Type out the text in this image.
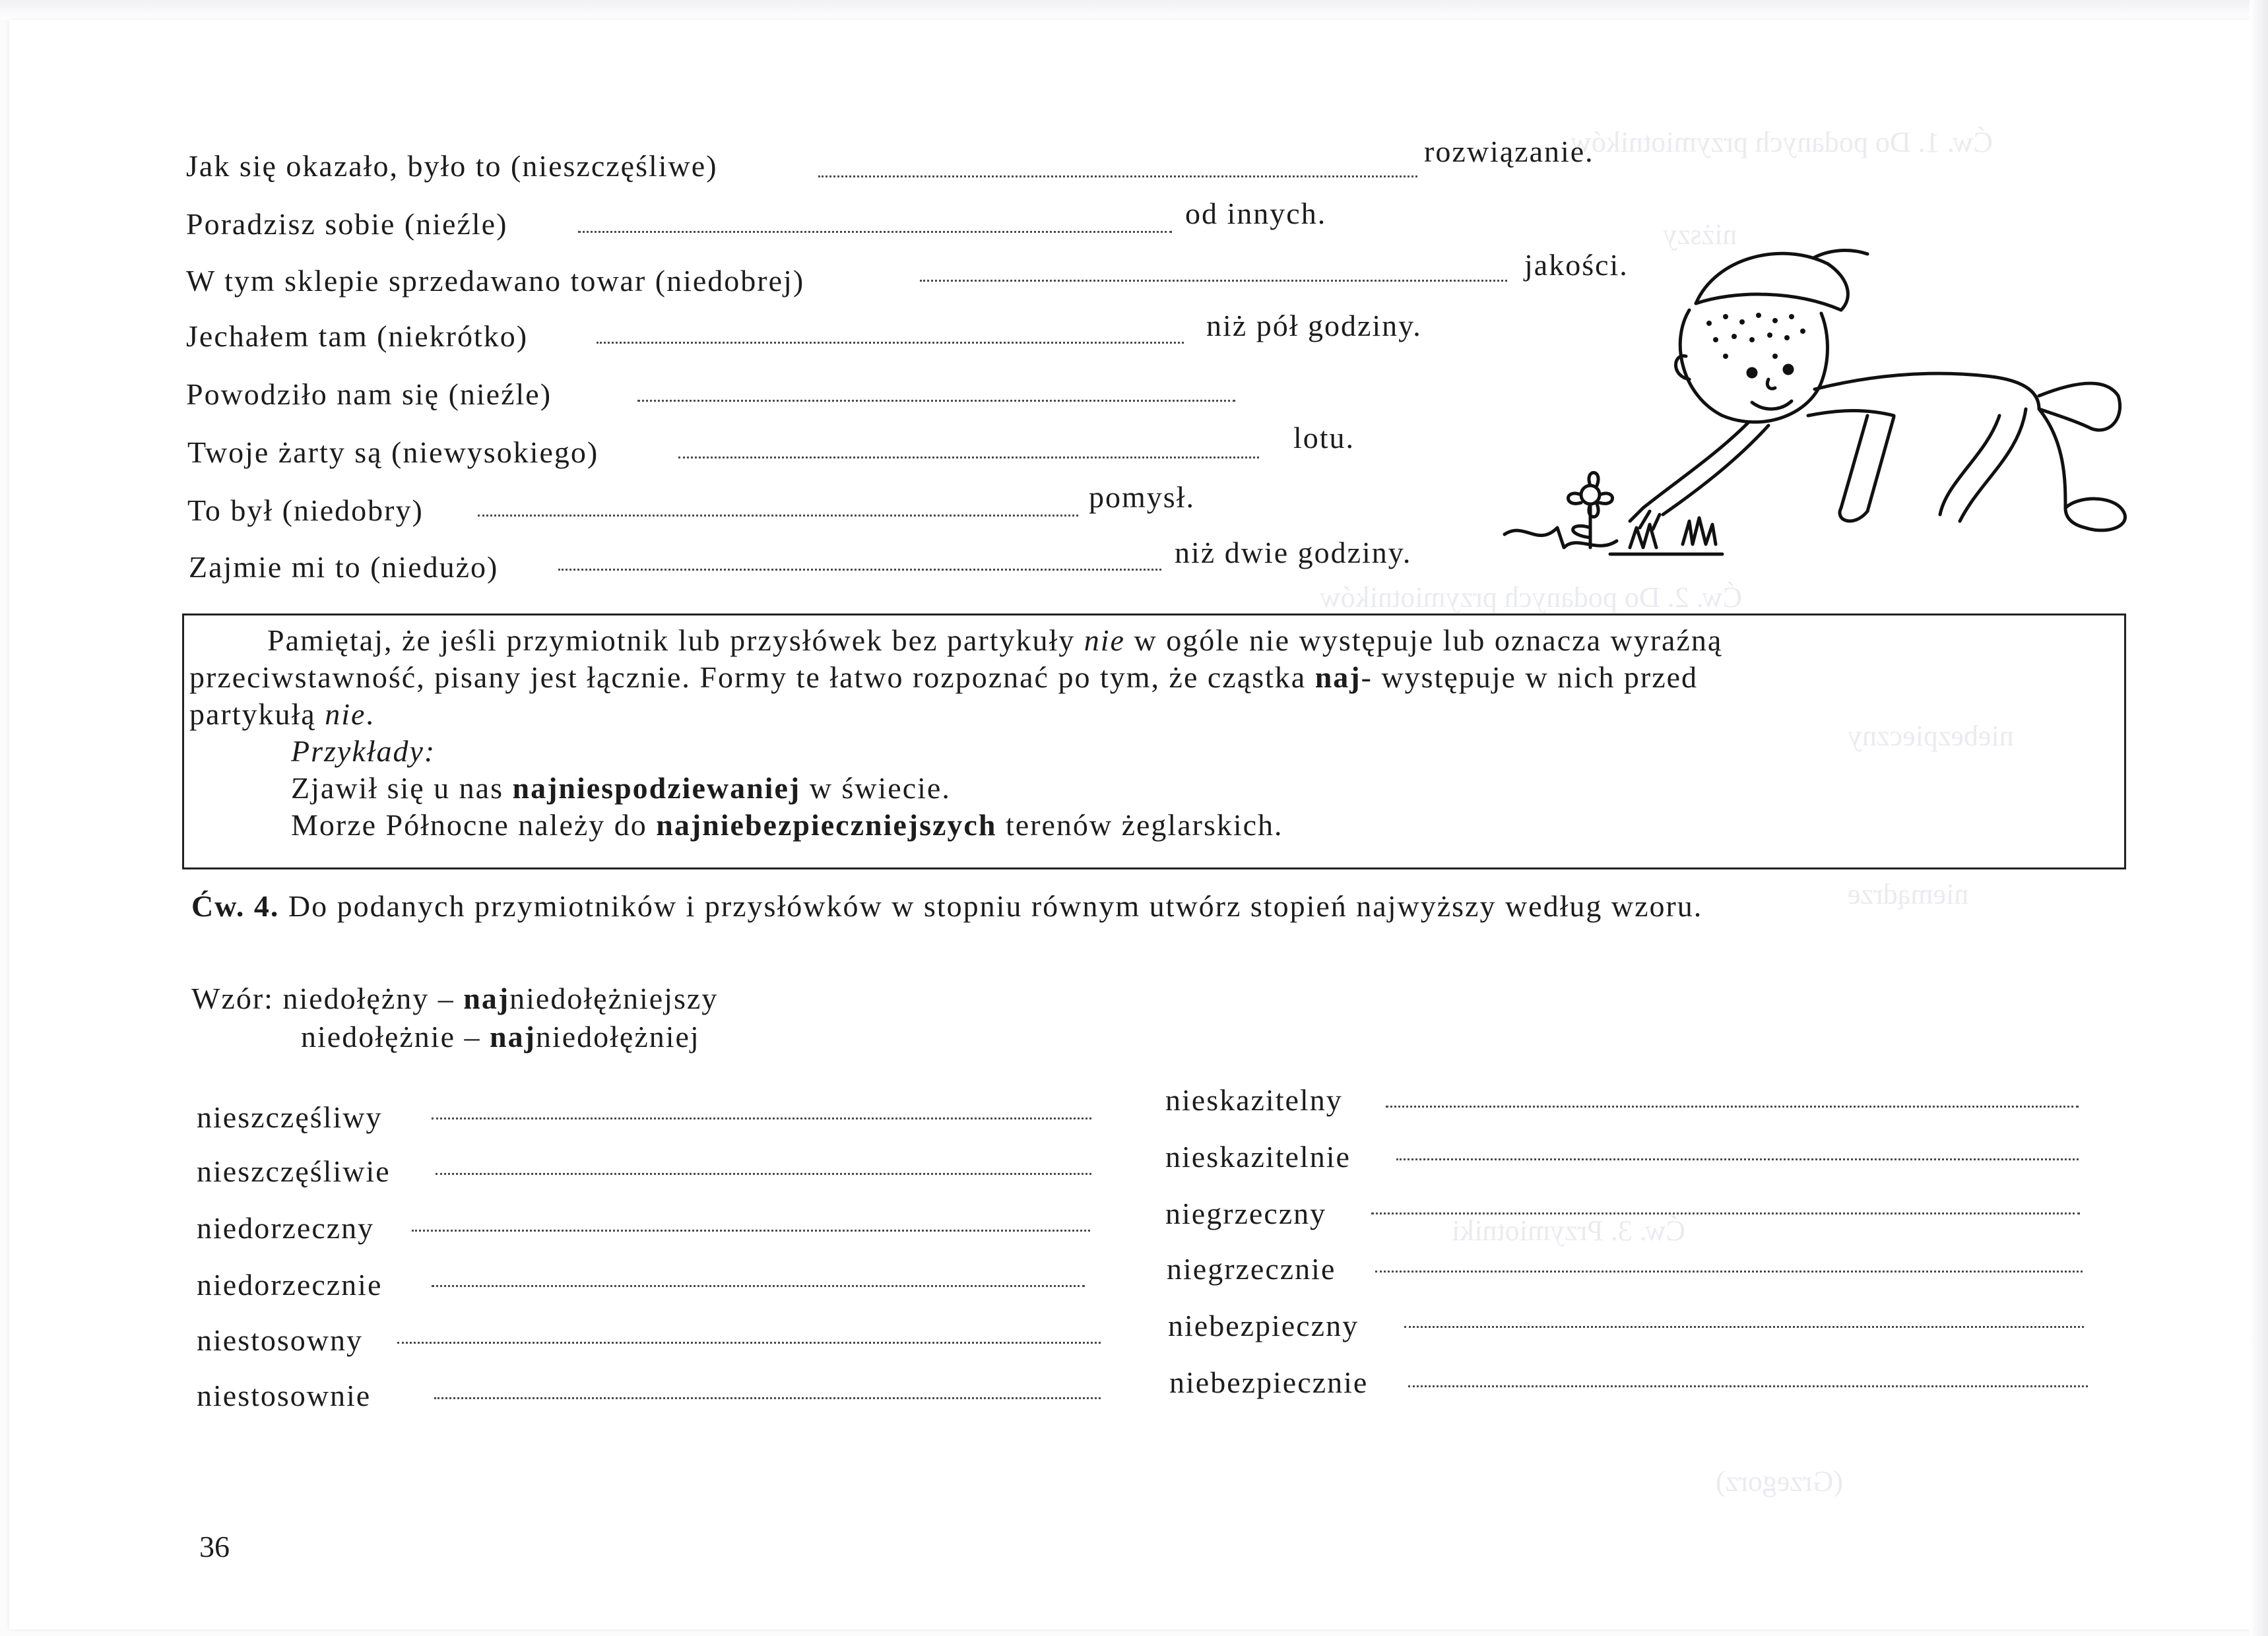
Ćw. 1. Do podanych przymiotników
niższy
Ćw. 2. Do podanych przymiotników
niebezpieczny
niemądrze
Ćw. 3. Przymiotniki
(Grzegorz)
Jak się okazało, było to (nieszczęśliwe)	rozwiązanie.
Poradzisz sobie (nieźle)	od innych.
W tym sklepie sprzedawano towar (niedobrej)	jakości.
Jechałem tam (niekrótko)	niż pół godziny.
Powodziło nam się (nieźle)
Twoje żarty są (niewysokiego)	lotu.
To był (niedobry)	pomysł.
Zajmie mi to (niedużo)	niż dwie godziny.
Pamiętaj, że jeśli przymiotnik lub przysłówek bez partykuły nie w ogóle nie występuje lub oznacza wyraźną
przeciwstawność, pisany jest łącznie. Formy te łatwo rozpoznać po tym, że cząstka naj- występuje w nich przed
partykułą nie.
Przykłady:
Zjawił się u nas najniespodziewaniej w świecie.
Morze Północne należy do najniebezpieczniejszych terenów żeglarskich.
Ćw. 4. Do podanych przymiotników i przysłówków w stopniu równym utwórz stopień najwyższy według wzoru.
Wzór: niedołężny – najniedołężniejszy
niedołężnie – najniedołężniej
nieszczęśliwy
nieszczęśliwie
niedorzeczny
niedorzecznie
niestosowny
niestosownie
nieskazitelny
nieskazitelnie
niegrzeczny
niegrzecznie
niebezpieczny
niebezpiecznie
36
